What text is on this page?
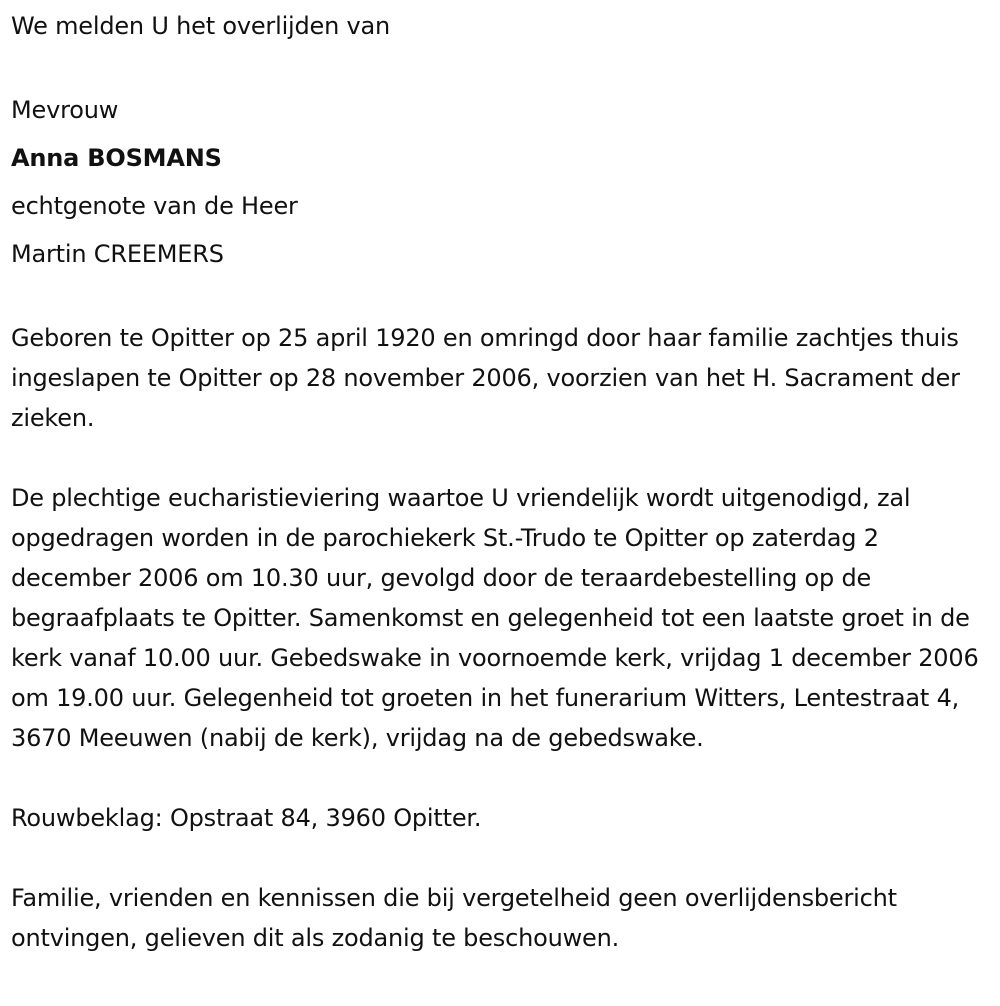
We melden U het overlijden van

Mevrouw

Anna BOSMANS

echtgenote van de Heer

Martin CREEMERS

Geboren te Opitter op 25 april 1920 en omringd door haar familie zachtjes thuis ingeslapen te Opitter op 28 november 2006, voorzien van het H. Sacrament der zieken.

De plechtige eucharistieviering waartoe U vriendelijk wordt uitgenodigd, zal opgedragen worden in de parochiekerk St.-Trudo te Opitter op zaterdag 2 december 2006 om 10.30 uur, gevolgd door de teraardebestelling op de begraafplaats te Opitter. Samenkomst en gelegenheid tot een laatste groet in de kerk vanaf 10.00 uur. Gebedswake in voornoemde kerk, vrijdag 1 december 2006 om 19.00 uur. Gelegenheid tot groeten in het funerarium Witters, Lentestraat 4, 3670 Meeuwen (nabij de kerk), vrijdag na de gebedswake.

Rouwbeklag: Opstraat 84, 3960 Opitter.

Familie, vrienden en kennissen die bij vergetelheid geen overlijdensbericht ontvingen, gelieven dit als zodanig te beschouwen.
